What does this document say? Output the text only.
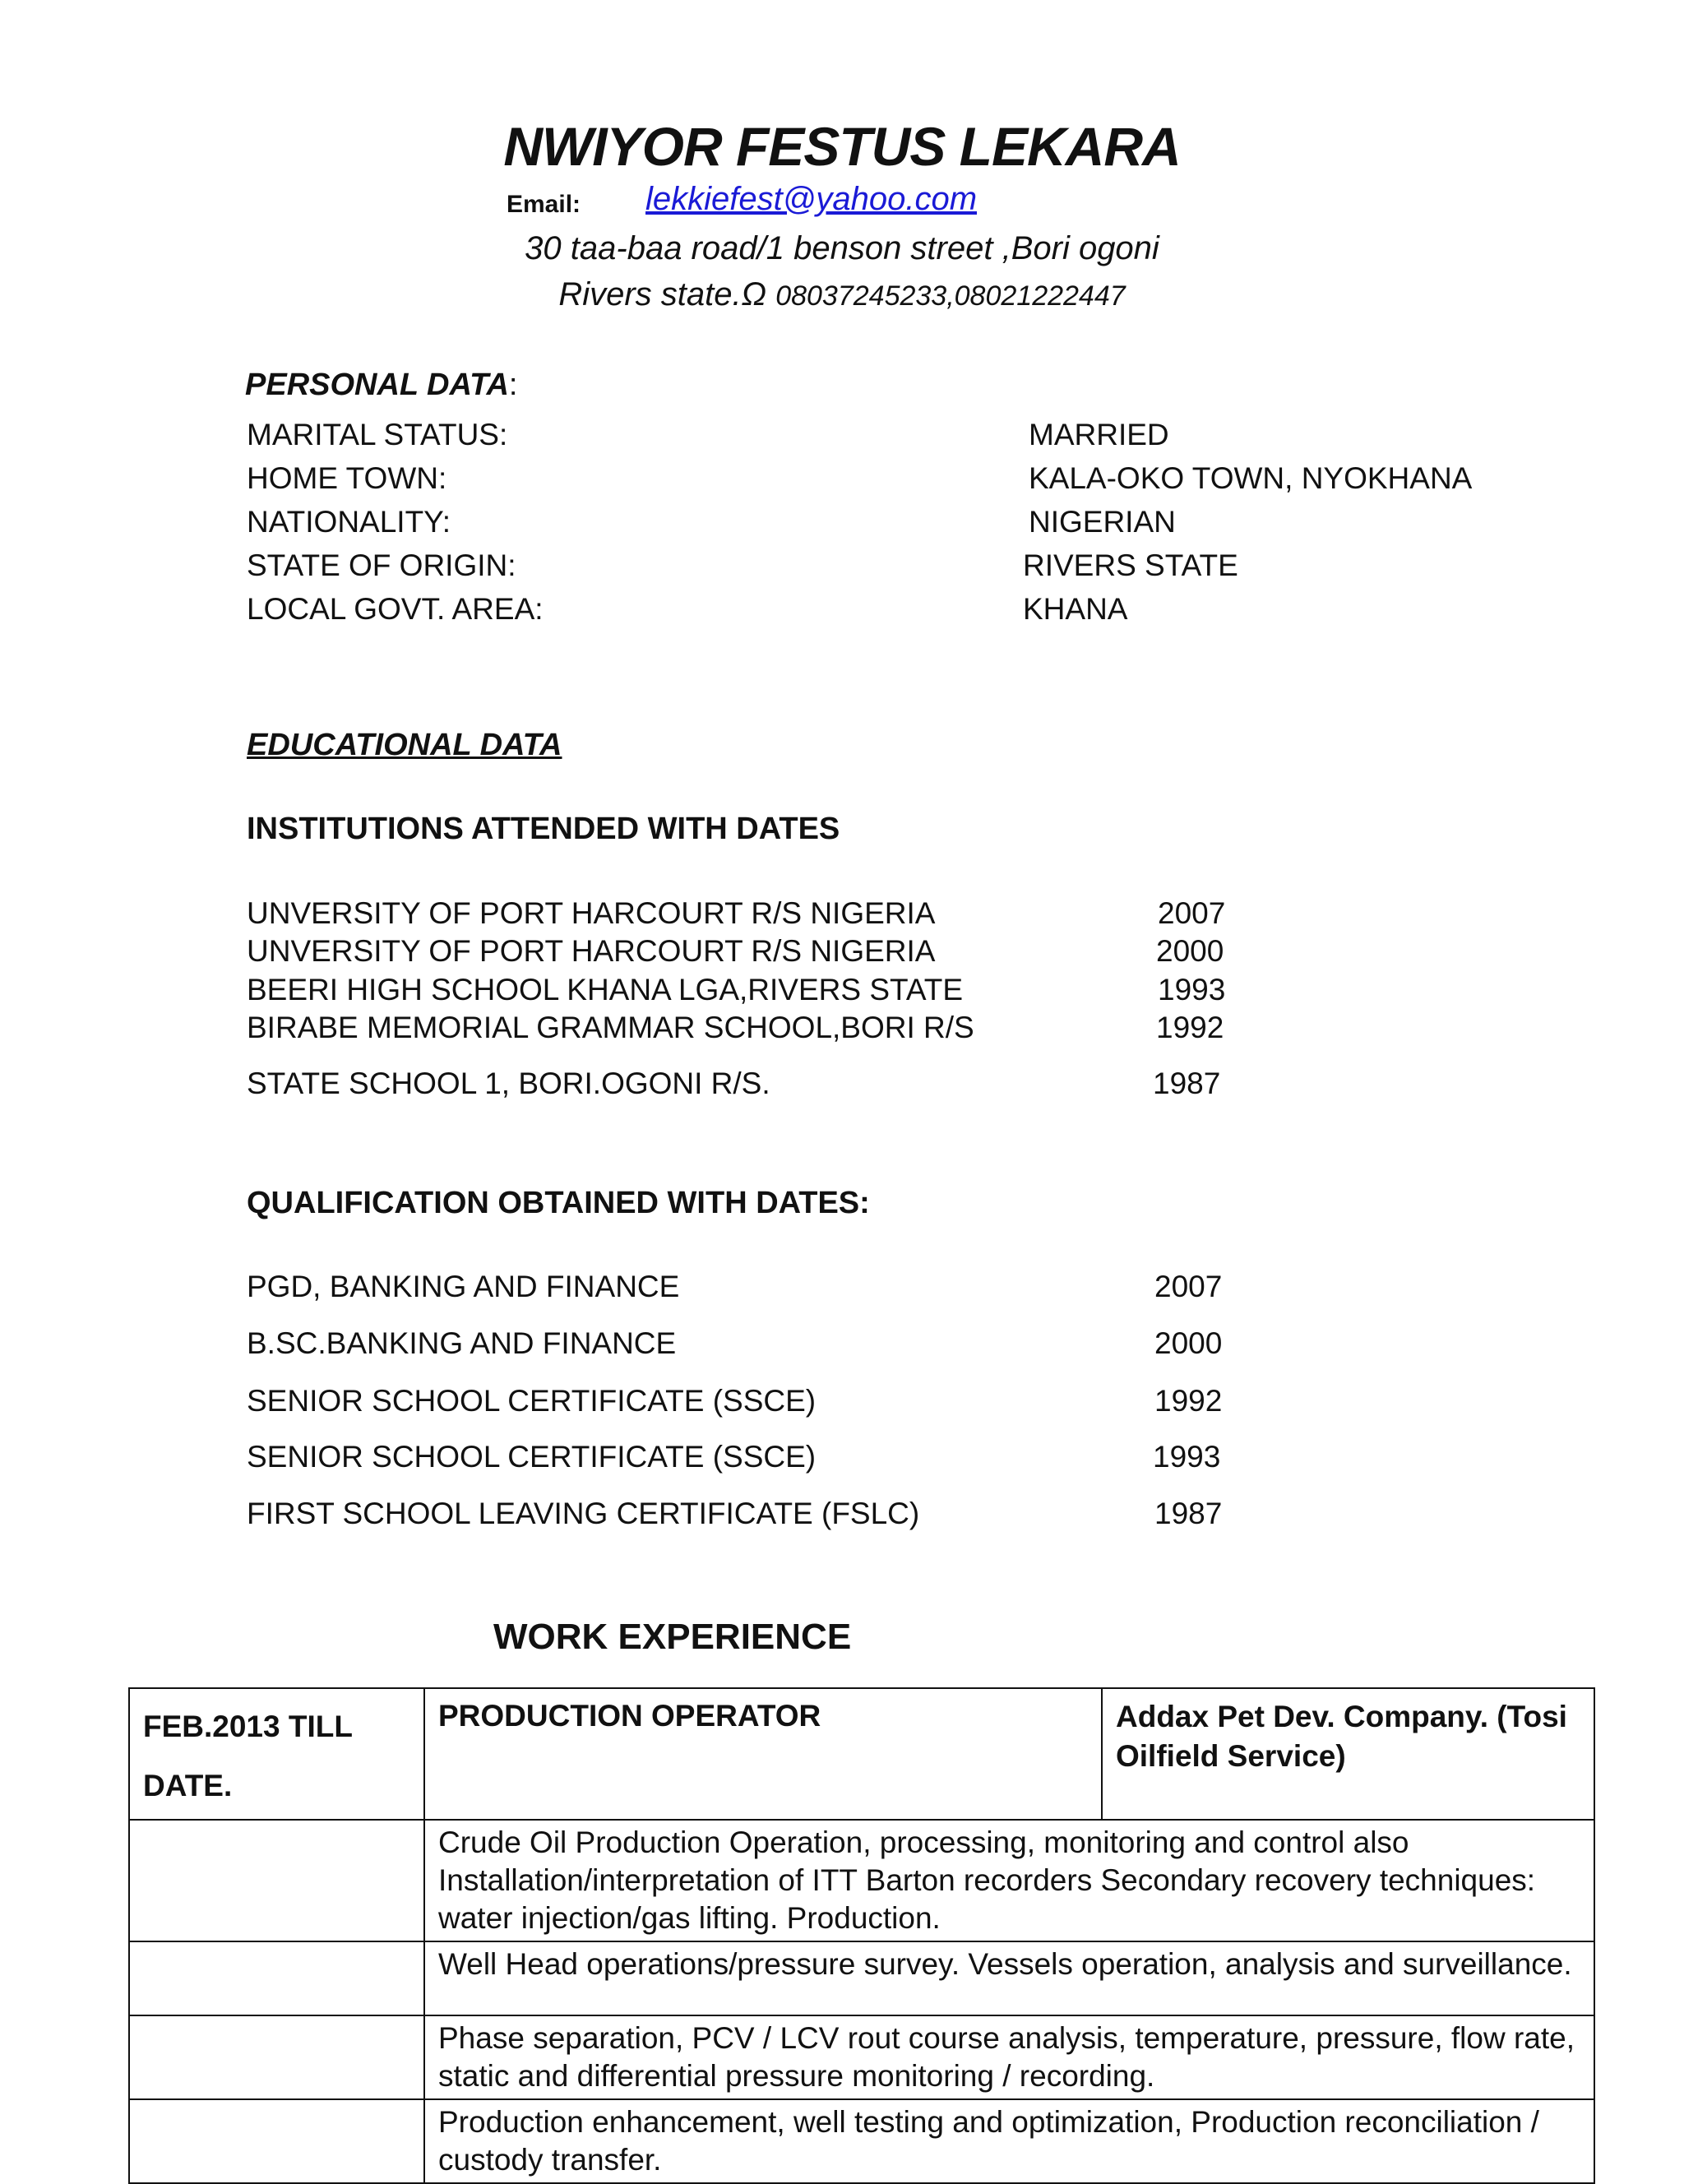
NWIYOR FESTUS LEKARA
Email: lekkiefest@yahoo.com
30 taa-baa road/1 benson street ,Bori ogoni
Rivers state.Ω 08037245233,08021222447
PERSONAL DATA:
MARITAL STATUS:	MARRIED
HOME TOWN:	KALA-OKO TOWN, NYOKHANA
NATIONALITY:	NIGERIAN
STATE OF ORIGIN:	RIVERS STATE
LOCAL GOVT. AREA:	KHANA
EDUCATIONAL DATA
INSTITUTIONS ATTENDED WITH DATES
UNVERSITY OF PORT HARCOURT R/S NIGERIA	2007
UNVERSITY OF PORT HARCOURT R/S NIGERIA	2000
BEERI HIGH SCHOOL KHANA LGA,RIVERS STATE	1993
BIRABE MEMORIAL GRAMMAR SCHOOL,BORI R/S	1992
STATE SCHOOL 1, BORI.OGONI R/S.	1987
QUALIFICATION OBTAINED WITH DATES:
PGD, BANKING AND FINANCE	2007
B.SC.BANKING AND FINANCE	2000
SENIOR SCHOOL CERTIFICATE (SSCE)	1992
SENIOR SCHOOL CERTIFICATE (SSCE)	1993
FIRST SCHOOL LEAVING CERTIFICATE (FSLC)	1987
WORK EXPERIENCE
FEB.2013 TILL DATE.	PRODUCTION OPERATOR	Addax Pet Dev. Company. (Tosi Oilfield Service)
	Crude Oil Production Operation, processing, monitoring and control also Installation/interpretation of ITT Barton recorders Secondary recovery techniques: water injection/gas lifting. Production.	
	Well Head operations/pressure survey. Vessels operation, analysis and surveillance.	
	Phase separation, PCV / LCV rout course analysis, temperature, pressure, flow rate, static and differential pressure monitoring / recording.	
	Production enhancement, well testing and optimization, Production reconciliation / custody transfer.	
